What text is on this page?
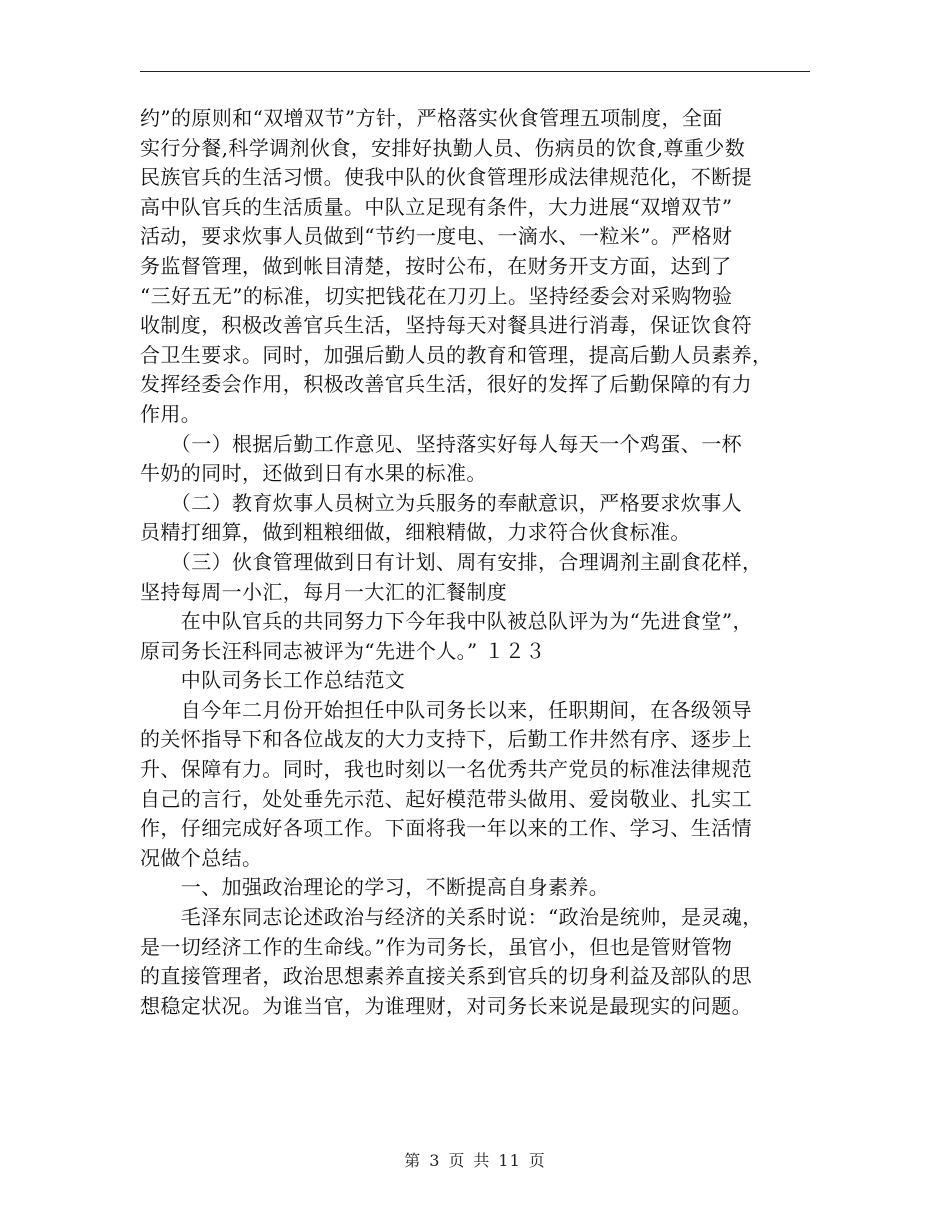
约”的原则和“双增双节”方针，严格落实伙食管理五项制度，全面
实行分餐,科学调剂伙食，安排好执勤人员、伤病员的饮食,尊重少数
民族官兵的生活习惯。使我中队的伙食管理形成法律规范化，不断提
高中队官兵的生活质量。中队立足现有条件，大力进展“双增双节”
活动，要求炊事人员做到“节约一度电、一滴水、一粒米”。严格财
务监督管理，做到帐目清楚，按时公布，在财务开支方面，达到了
“三好五无”的标准，切实把钱花在刀刃上。坚持经委会对采购物验
收制度，积极改善官兵生活，坚持每天对餐具进行消毒，保证饮食符
合卫生要求。同时，加强后勤人员的教育和管理，提高后勤人员素养，
发挥经委会作用，积极改善官兵生活，很好的发挥了后勤保障的有力
作用。
　　（一）根据后勤工作意见、坚持落实好每人每天一个鸡蛋、一杯
牛奶的同时，还做到日有水果的标准。
　　（二）教育炊事人员树立为兵服务的奉献意识，严格要求炊事人
员精打细算，做到粗粮细做，细粮精做，力求符合伙食标准。
　　（三）伙食管理做到日有计划、周有安排，合理调剂主副食花样，
坚持每周一小汇，每月一大汇的汇餐制度
　　在中队官兵的共同努力下今年我中队被总队评为为“先进食堂”，
原司务长汪科同志被评为“先进个人。” １２３
　　中队司务长工作总结范文
　　自今年二月份开始担任中队司务长以来，任职期间，在各级领导
的关怀指导下和各位战友的大力支持下，后勤工作井然有序、逐步上
升、保障有力。同时，我也时刻以一名优秀共产党员的标准法律规范
自己的言行，处处垂先示范、起好模范带头做用、爱岗敬业、扎实工
作，仔细完成好各项工作。下面将我一年以来的工作、学习、生活情
况做个总结。
　　一、加强政治理论的学习，不断提高自身素养。
　　毛泽东同志论述政治与经济的关系时说：“政治是统帅，是灵魂，
是一切经济工作的生命线。”作为司务长，虽官小，但也是管财管物
的直接管理者，政治思想素养直接关系到官兵的切身利益及部队的思
想稳定状况。为谁当官，为谁理财，对司务长来说是最现实的问题。
第 3 页 共 11 页
